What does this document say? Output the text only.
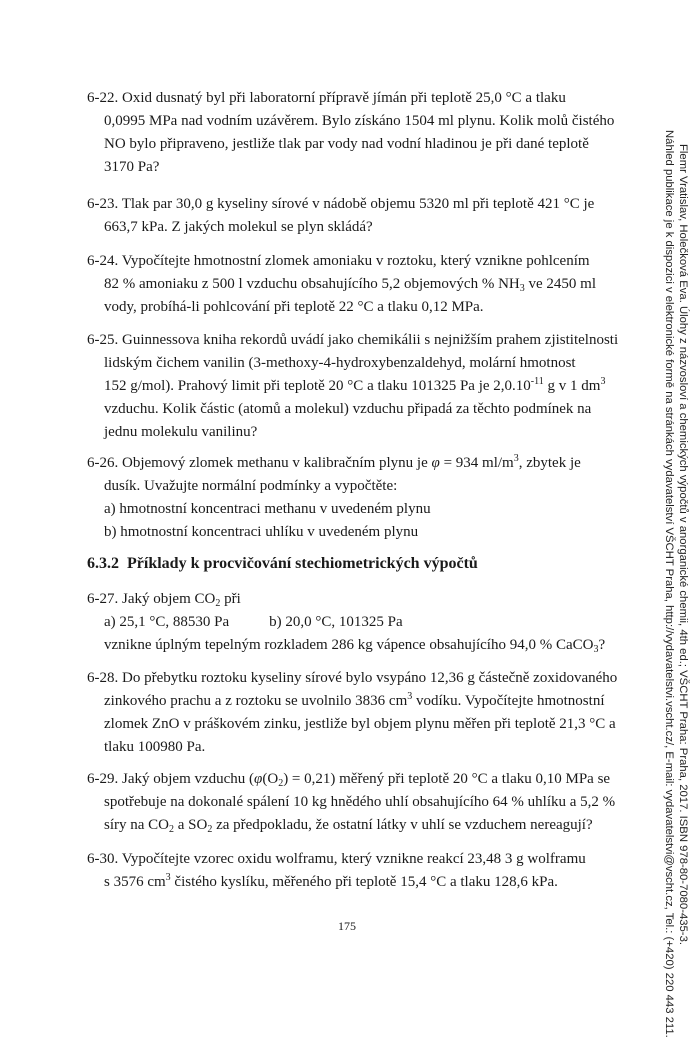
6-22. Oxid dusnatý byl při laboratorní přípravě jímán při teplotě 25,0 °C a tlaku
0,0995 MPa nad vodním uzávěrem. Bylo získáno 1504 ml plynu. Kolik molů čistého
NO bylo připraveno, jestliže tlak par vody nad vodní hladinou je při dané teplotě
3170 Pa?
6-23. Tlak par 30,0 g kyseliny sírové v nádobě objemu 5320 ml při teplotě 421 °C je
663,7 kPa. Z jakých molekul se plyn skládá?
6-24. Vypočítejte hmotnostní zlomek amoniaku v roztoku, který vznikne pohlcením
82 % amoniaku z 500 l vzduchu obsahujícího 5,2 objemových % $NH_3$ ve 2450 ml
vody, probíhá-li pohlcování při teplotě 22 °C a tlaku 0,12 MPa.
6-25. Guinnessova kniha rekordů uvádí jako chemikálii s nejnižším prahem zjistitelnosti
lidským čichem vanilin (3-methoxy-4-hydroxybenzaldehyd, molární hmotnost
152 g/mol). Prahový limit při teplotě 20 °C a tlaku 101325 Pa je $2,0.10^{-11}$ g v 1 $dm^3$
vzduchu. Kolik částic (atomů a molekul) vzduchu připadá za těchto podmínek na
jednu molekulu vanilinu?
6-26. Objemový zlomek methanu v kalibračním plynu je φ = 934 $ml/m^3$, zbytek je
dusík. Uvažujte normální podmínky a vypočtěte:
a) hmotnostní koncentraci methanu v uvedeném plynu
b) hmotnostní koncentraci uhlíku v uvedeném plynu
6.3.2 Příklady k procvičování stechiometrických výpočtů
6-27. Jaký objem $CO_2$ při
a) 25,1 °C, 88530 Pa	b) 20,0 °C, 101325 Pa
vznikne úplným tepelným rozkladem 286 kg vápence obsahujícího 94,0 % CaCO$_3$?
6-28. Do přebytku roztoku kyseliny sírové bylo vsypáno 12,36 g částečně zoxidovaného
zinkového prachu a z roztoku se uvolnilo 3836 $cm^3$ vodíku. Vypočítejte hmotnostní
zlomek ZnO v práškovém zinku, jestliže byl objem plynu měřen při teplotě 21,3 °C a
tlaku 100980 Pa.
6-29. Jaký objem vzduchu $(\varphi(O_2) = 0,21)$ měřený při teplotě 20 °C a tlaku 0,10 MPa se
spotřebuje na dokonalé spálení 10 kg hnědého uhlí obsahujícího 64 % uhlíku a 5,2 %
síry na $CO_2$ a $SO_2$ za předpokladu, že ostatní látky v uhlí se vzduchem nereagují?
6-30. Vypočítejte vzorec oxidu wolframu, který vznikne reakcí 23,48 3 g wolframu
s 3576 $cm^3$ čistého kyslíku, měřeného při teplotě 15,4 °C a tlaku 128,6 kPa.
175	Flemr Vratislav, Holečková Eva. Úlohy z názvosloví a chemických výpočtů v anorganické chemii, 4th ed.; VŠCHT Praha: Praha, 2017. ISBN 978-80-7080-435-3.
Náhled publikace je k dispozici v elektronické formě na stránkách vydavatelství VŠCHT Praha, http://vydavatelstvi.vscht.cz/, E-mail: vydavatelstvi@vscht.cz, Tel.: (+420) 220 443 211.
